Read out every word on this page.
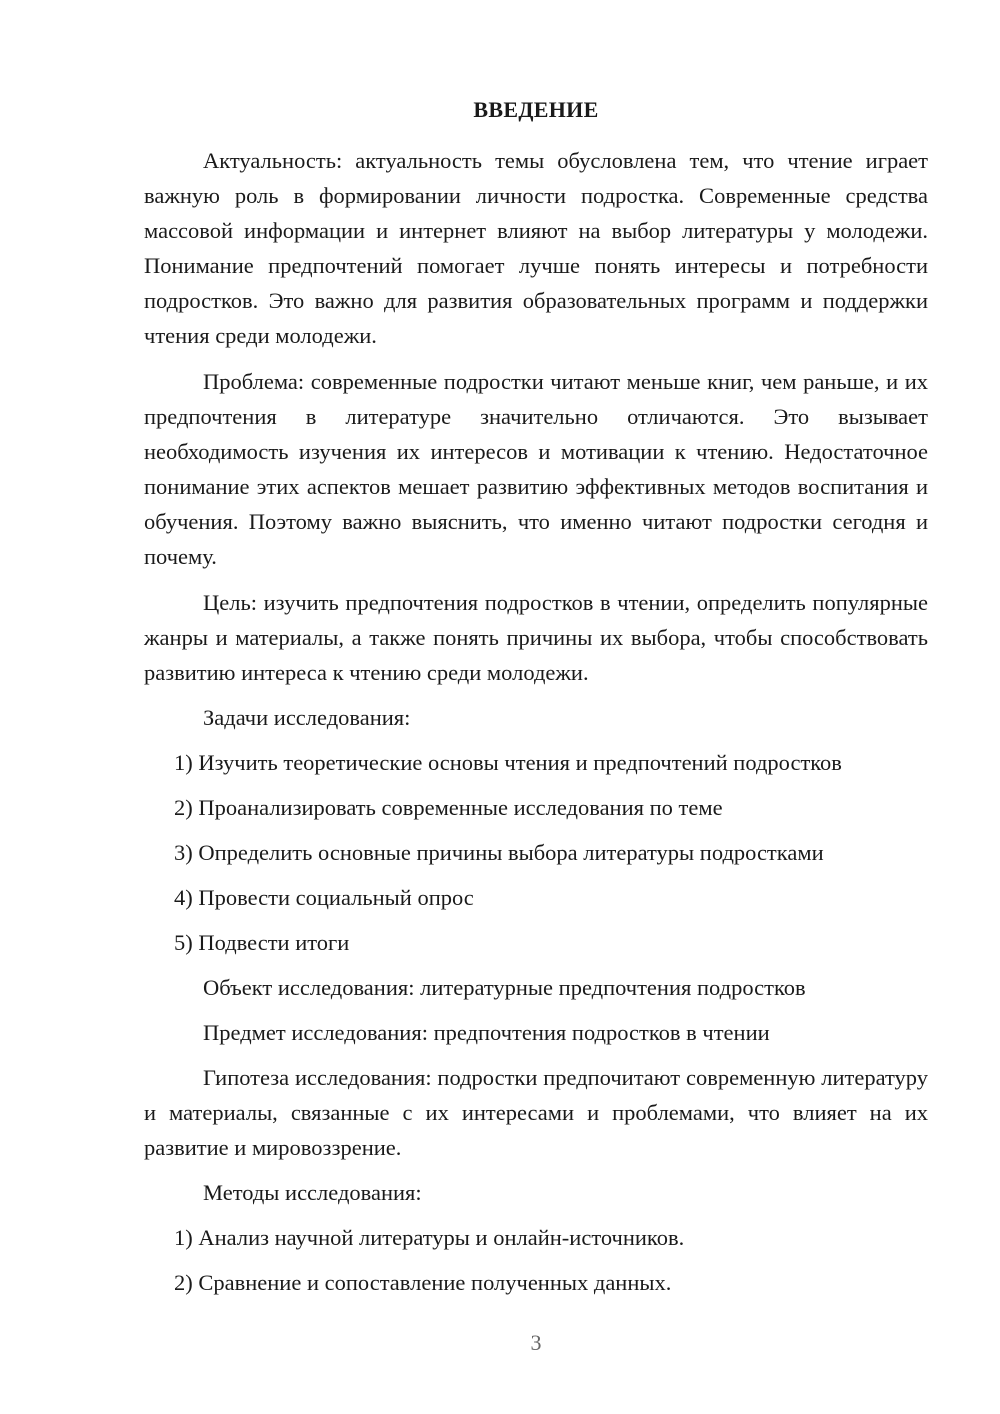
ВВЕДЕНИЕ

Актуальность: актуальность темы обусловлена тем, что чтение играет важную роль в формировании личности подростка. Современные средства массовой информации и интернет влияют на выбор литературы у молодежи. Понимание предпочтений помогает лучше понять интересы и потребности подростков. Это важно для развития образовательных программ и поддержки чтения среди молодежи.

Проблема: современные подростки читают меньше книг, чем раньше, и их предпочтения в литературе значительно отличаются. Это вызывает необходимость изучения их интересов и мотивации к чтению. Недостаточное понимание этих аспектов мешает развитию эффективных методов воспитания и обучения. Поэтому важно выяснить, что именно читают подростки сегодня и почему.

Цель: изучить предпочтения подростков в чтении, определить популярные жанры и материалы, а также понять причины их выбора, чтобы способствовать развитию интереса к чтению среди молодежи.

Задачи исследования:
1) Изучить теоретические основы чтения и предпочтений подростков
2) Проанализировать современные исследования по теме
3) Определить основные причины выбора литературы подростками
4) Провести социальный опрос
5) Подвести итоги
Объект исследования: литературные предпочтения подростков
Предмет исследования: предпочтения подростков в чтении

Гипотеза исследования: подростки предпочитают современную литературу и материалы, связанные с их интересами и проблемами, что влияет на их развитие и мировоззрение.

Методы исследования:
1) Анализ научной литературы и онлайн-источников.
2) Сравнение и сопоставление полученных данных.
3
